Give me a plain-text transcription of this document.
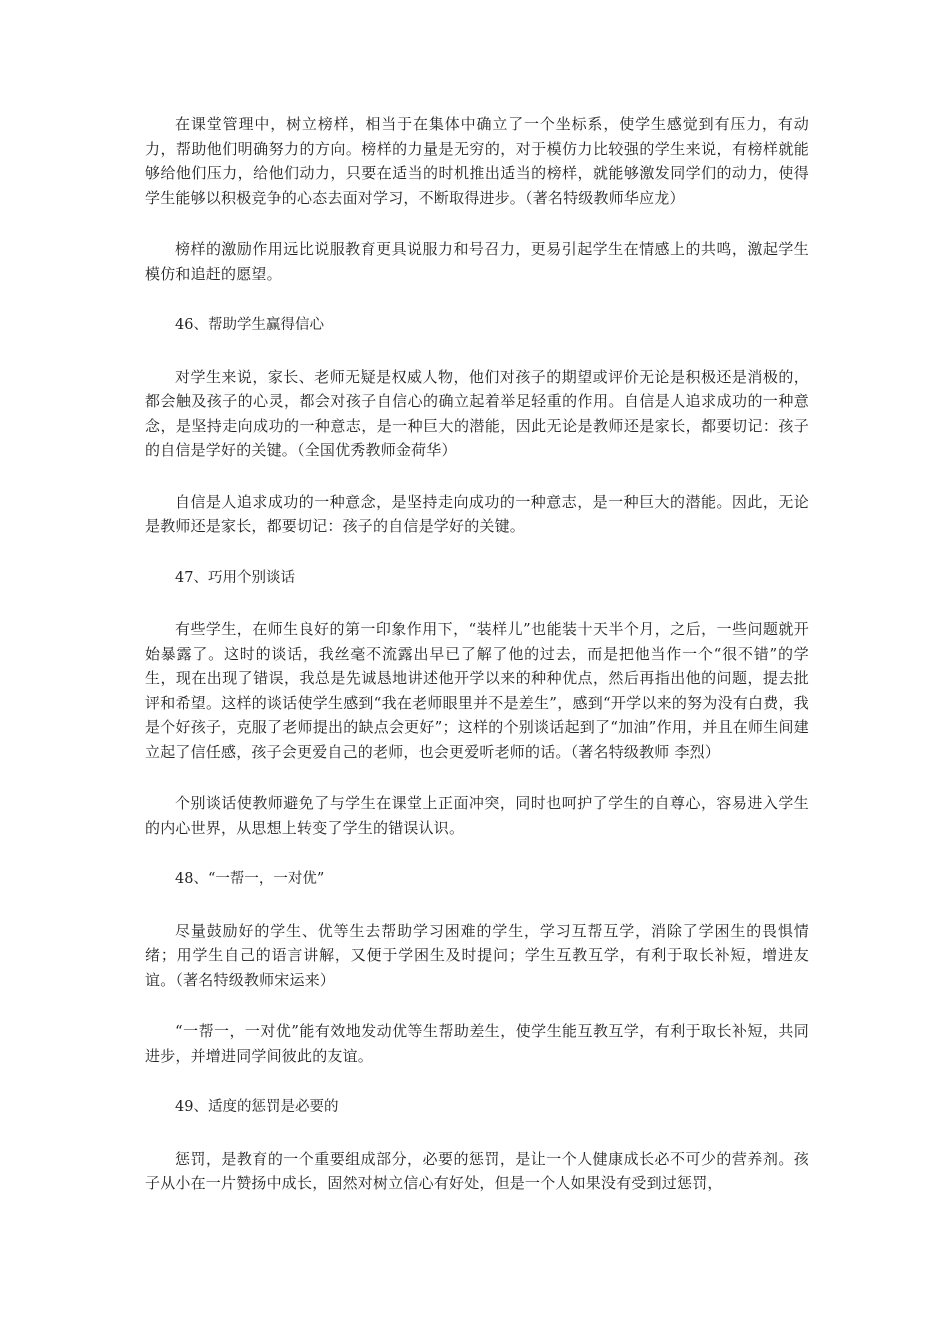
在课堂管理中，树立榜样，相当于在集体中确立了一个坐标系，使学生感觉到有压力，有动力，帮助他们明确努力的方向。榜样的力量是无穷的，对于模仿力比较强的学生来说，有榜样就能够给他们压力，给他们动力，只要在适当的时机推出适当的榜样，就能够激发同学们的动力，使得学生能够以积极竞争的心态去面对学习，不断取得进步。（著名特级教师华应龙）

榜样的激励作用远比说服教育更具说服力和号召力，更易引起学生在情感上的共鸣，激起学生模仿和追赶的愿望。

46、帮助学生赢得信心

对学生来说，家长、老师无疑是权威人物，他们对孩子的期望或评价无论是积极还是消极的，都会触及孩子的心灵，都会对孩子自信心的确立起着举足轻重的作用。自信是人追求成功的一种意念，是坚持走向成功的一种意志，是一种巨大的潜能，因此无论是教师还是家长，都要切记：孩子的自信是学好的关键。（全国优秀教师金荷华）

自信是人追求成功的一种意念，是坚持走向成功的一种意志，是一种巨大的潜能。因此，无论是教师还是家长，都要切记：孩子的自信是学好的关键。

47、巧用个别谈话

有些学生，在师生良好的第一印象作用下，“装样儿”也能装十天半个月，之后，一些问题就开始暴露了。这时的谈话，我丝毫不流露出早已了解了他的过去，而是把他当作一个“很不错”的学生，现在出现了错误，我总是先诚恳地讲述他开学以来的种种优点，然后再指出他的问题，提去批评和希望。这样的谈话使学生感到“我在老师眼里并不是差生”，感到“开学以来的努为没有白费，我是个好孩子，克服了老师提出的缺点会更好”；这样的个别谈话起到了“加油”作用，并且在师生间建立起了信任感，孩子会更爱自己的老师，也会更爱听老师的话。（著名特级教师 李烈）

个别谈话使教师避免了与学生在课堂上正面冲突，同时也呵护了学生的自尊心，容易进入学生的内心世界，从思想上转变了学生的错误认识。

48、“一帮一，一对优”

尽量鼓励好的学生、优等生去帮助学习困难的学生，学习互帮互学，消除了学困生的畏惧情绪；用学生自己的语言讲解，又便于学困生及时提问；学生互教互学，有利于取长补短，增进友谊。（著名特级教师宋运来）

“一帮一，一对优”能有效地发动优等生帮助差生，使学生能互教互学，有利于取长补短，共同进步，并增进同学间彼此的友谊。

49、适度的惩罚是必要的

惩罚，是教育的一个重要组成部分，必要的惩罚，是让一个人健康成长必不可少的营养剂。孩子从小在一片赞扬中成长，固然对树立信心有好处，但是一个人如果没有受到过惩罚，
